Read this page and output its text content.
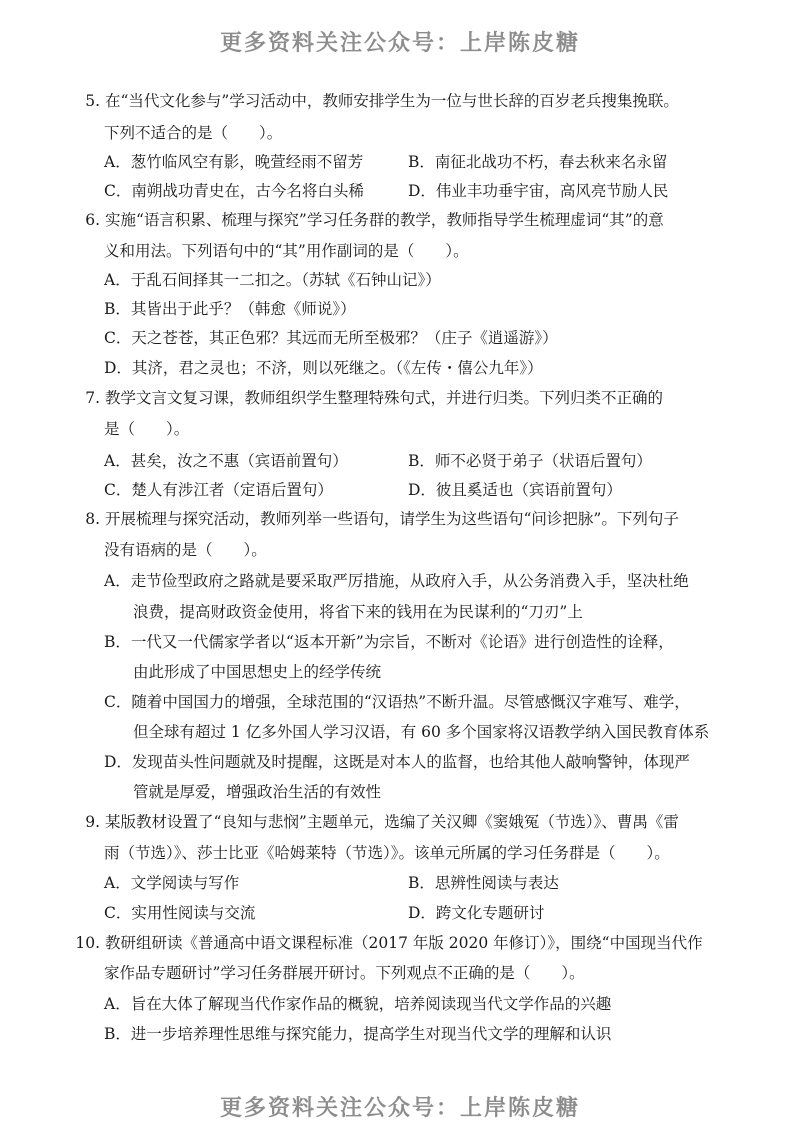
更多资料关注公众号：上岸陈皮糖
5. 在“当代文化参与”学习活动中，教师安排学生为一位与世长辞的百岁老兵搜集挽联。
下列不适合的是（　　）。
A．葱竹临风空有影，晚萱经雨不留芳	B．南征北战功不朽，春去秋来名永留
C．南朔战功青史在，古今名将白头稀	D．伟业丰功垂宇宙，高风亮节励人民
6. 实施“语言积累、梳理与探究”学习任务群的教学，教师指导学生梳理虚词“其”的意
义和用法。下列语句中的“其”用作副词的是（　　）。
A．于乱石间择其一二扣之。（苏轼《石钟山记》）
B．其皆出于此乎？（韩愈《师说》）
C．天之苍苍，其正色邪？其远而无所至极邪？（庄子《逍遥游》）
D．其济，君之灵也；不济，则以死继之。（《左传・僖公九年》）
7. 教学文言文复习课，教师组织学生整理特殊句式，并进行归类。下列归类不正确的
是（　　）。
A．甚矣，汝之不惠（宾语前置句）	B．师不必贤于弟子（状语后置句）
C．楚人有涉江者（定语后置句）	D．彼且奚适也（宾语前置句）
8. 开展梳理与探究活动，教师列举一些语句，请学生为这些语句“问诊把脉”。下列句子
没有语病的是（　　）。
A．走节俭型政府之路就是要采取严厉措施，从政府入手，从公务消费入手，坚决杜绝
浪费，提高财政资金使用，将省下来的钱用在为民谋利的“刀刃”上
B．一代又一代儒家学者以“返本开新”为宗旨，不断对《论语》进行创造性的诠释，
由此形成了中国思想史上的经学传统
C．随着中国国力的增强，全球范围的“汉语热”不断升温。尽管感慨汉字难写、难学，
但全球有超过 1 亿多外国人学习汉语，有 60 多个国家将汉语教学纳入国民教育体系
D．发现苗头性问题就及时提醒，这既是对本人的监督，也给其他人敲响警钟，体现严
管就是厚爱，增强政治生活的有效性
9. 某版教材设置了“良知与悲悯”主题单元，选编了关汉卿《窦娥冤（节选）》、曹禺《雷
雨（节选）》、莎士比亚《哈姆莱特（节选）》。该单元所属的学习任务群是（　　）。
A．文学阅读与写作	B．思辨性阅读与表达
C．实用性阅读与交流	D．跨文化专题研讨
10. 教研组研读《普通高中语文课程标准（2017 年版 2020 年修订）》，围绕“中国现当代作
家作品专题研讨”学习任务群展开研讨。下列观点不正确的是（　　）。
A．旨在大体了解现当代作家作品的概貌，培养阅读现当代文学作品的兴趣
B．进一步培养理性思维与探究能力，提高学生对现当代文学的理解和认识
更多资料关注公众号：上岸陈皮糖
